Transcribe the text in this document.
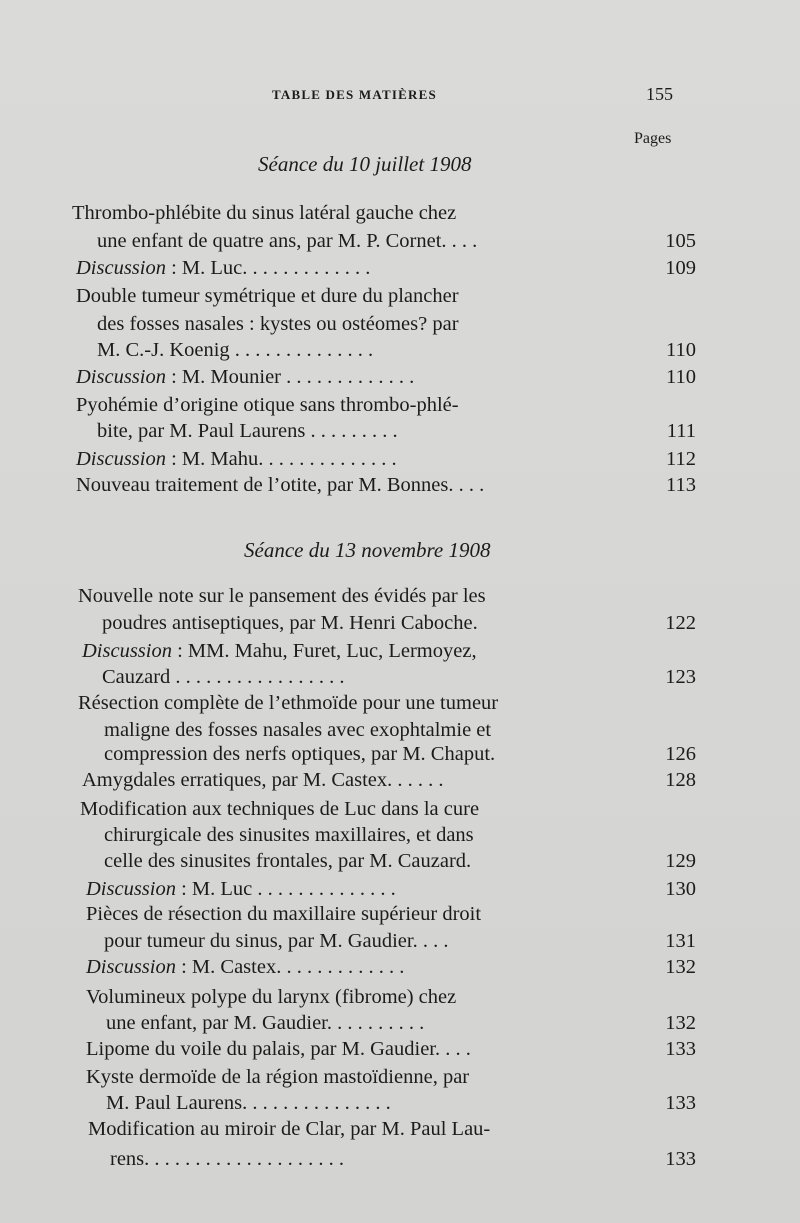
TABLE DES MATIÈRES	155
Pages
Séance du 10 juillet 1908
Séance du 13 novembre 1908
Thrombo-phlébite du sinus latéral gauche chez
une enfant de quatre ans, par M. P. Cornet. . . .	105
Discussion : M. Luc. . . . . . . . . . . . .	109
Double tumeur symétrique et dure du plancher
des fosses nasales : kystes ou ostéomes? par
M. C.-J. Koenig . . . . . . . . . . . . . .	110
Discussion : M. Mounier . . . . . . . . . . . . .	110
Pyohémie d’origine otique sans thrombo-phlé-
bite, par M. Paul Laurens . . . . . . . . .	111
Discussion : M. Mahu. . . . . . . . . . . . . .	112
Nouveau traitement de l’otite, par M. Bonnes. . . .	113
Nouvelle note sur le pansement des évidés par les
poudres antiseptiques, par M. Henri Caboche.	122
Discussion : MM. Mahu, Furet, Luc, Lermoyez,
Cauzard . . . . . . . . . . . . . . . . .	123
Résection complète de l’ethmoïde pour une tumeur
maligne des fosses nasales avec exophtalmie et
compression des nerfs optiques, par M. Chaput.	126
Amygdales erratiques, par M. Castex. . . . . .	128
Modification aux techniques de Luc dans la cure
chirurgicale des sinusites maxillaires, et dans
celle des sinusites frontales, par M. Cauzard.	129
Discussion : M. Luc . . . . . . . . . . . . . .	130
Pièces de résection du maxillaire supérieur droit
pour tumeur du sinus, par M. Gaudier. . . .	131
Discussion : M. Castex. . . . . . . . . . . . .	132
Volumineux polype du larynx (fibrome) chez
une enfant, par M. Gaudier. . . . . . . . . .	132
Lipome du voile du palais, par M. Gaudier. . . .	133
Kyste dermoïde de la région mastoïdienne, par
M. Paul Laurens. . . . . . . . . . . . . . .	133
Modification au miroir de Clar, par M. Paul Lau-
rens. . . . . . . . . . . . . . . . . . . .	133
